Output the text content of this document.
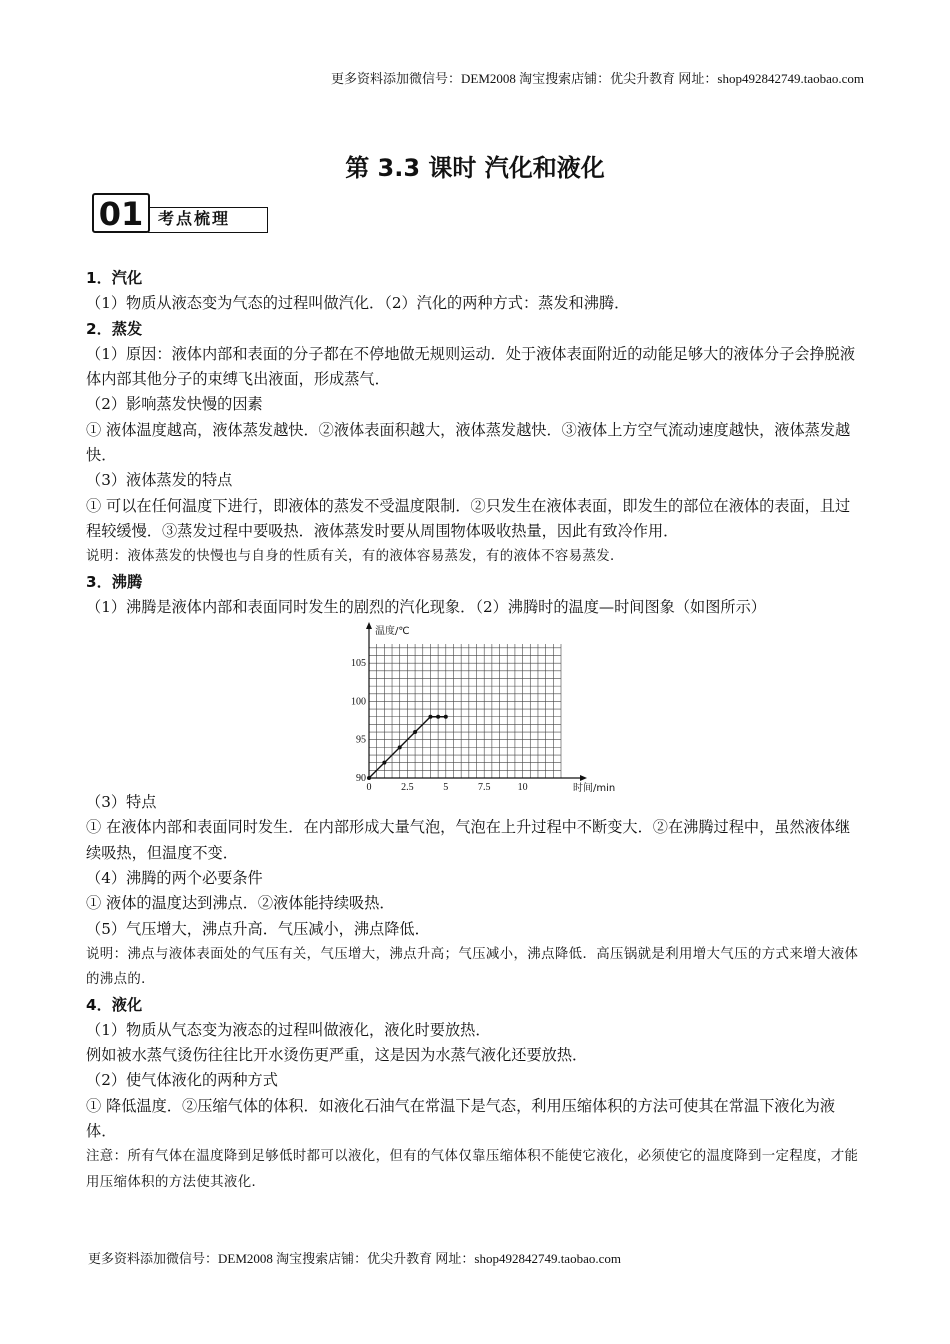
更多资料添加微信号：DEM2008 淘宝搜索店铺：优尖升教育 网址：shop492842749.taobao.com
第 3.3 课时 汽化和液化
01 考点梳理

1．汽化

（1）物质从液态变为气态的过程叫做汽化．（2）汽化的两种方式：蒸发和沸腾．

2．蒸发

（1）原因：液体内部和表面的分子都在不停地做无规则运动．处于液体表面附近的动能足够大的液体分子会挣脱液体内部其他分子的束缚飞出液面，形成蒸气．

（2）影响蒸发快慢的因素

① 液体温度越高，液体蒸发越快．②液体表面积越大，液体蒸发越快．③液体上方空气流动速度越快，液体蒸发越快．

（3）液体蒸发的特点

① 可以在任何温度下进行，即液体的蒸发不受温度限制．②只发生在液体表面，即发生的部位在液体的表面，且过程较缓慢．③蒸发过程中要吸热．液体蒸发时要从周围物体吸收热量，因此有致冷作用．

说明：液体蒸发的快慢也与自身的性质有关，有的液体容易蒸发，有的液体不容易蒸发．

3．沸腾

（1）沸腾是液体内部和表面同时发生的剧烈的汽化现象．（2）沸腾时的温度—时间图象（如图所示）

0	2.5	5	7.5	10
90
95
100
105
时间/min
温度/℃

（3）特点

① 在液体内部和表面同时发生．在内部形成大量气泡，气泡在上升过程中不断变大．②在沸腾过程中，虽然液体继续吸热，但温度不变．

（4）沸腾的两个必要条件

① 液体的温度达到沸点．②液体能持续吸热．

（5）气压增大，沸点升高．气压减小，沸点降低．

说明：沸点与液体表面处的气压有关，气压增大，沸点升高；气压减小，沸点降低．高压锅就是利用增大气压的方式来增大液体的沸点的．

4．液化

（1）物质从气态变为液态的过程叫做液化，液化时要放热．

例如被水蒸气烫伤往往比开水烫伤更严重，这是因为水蒸气液化还要放热．

（2）使气体液化的两种方式

① 降低温度．②压缩气体的体积．如液化石油气在常温下是气态，利用压缩体积的方法可使其在常温下液化为液体．

注意：所有气体在温度降到足够低时都可以液化，但有的气体仅靠压缩体积不能使它液化，必须使它的温度降到一定程度，才能用压缩体积的方法使其液化．

更多资料添加微信号：DEM2008 淘宝搜索店铺：优尖升教育 网址：shop492842749.taobao.com
